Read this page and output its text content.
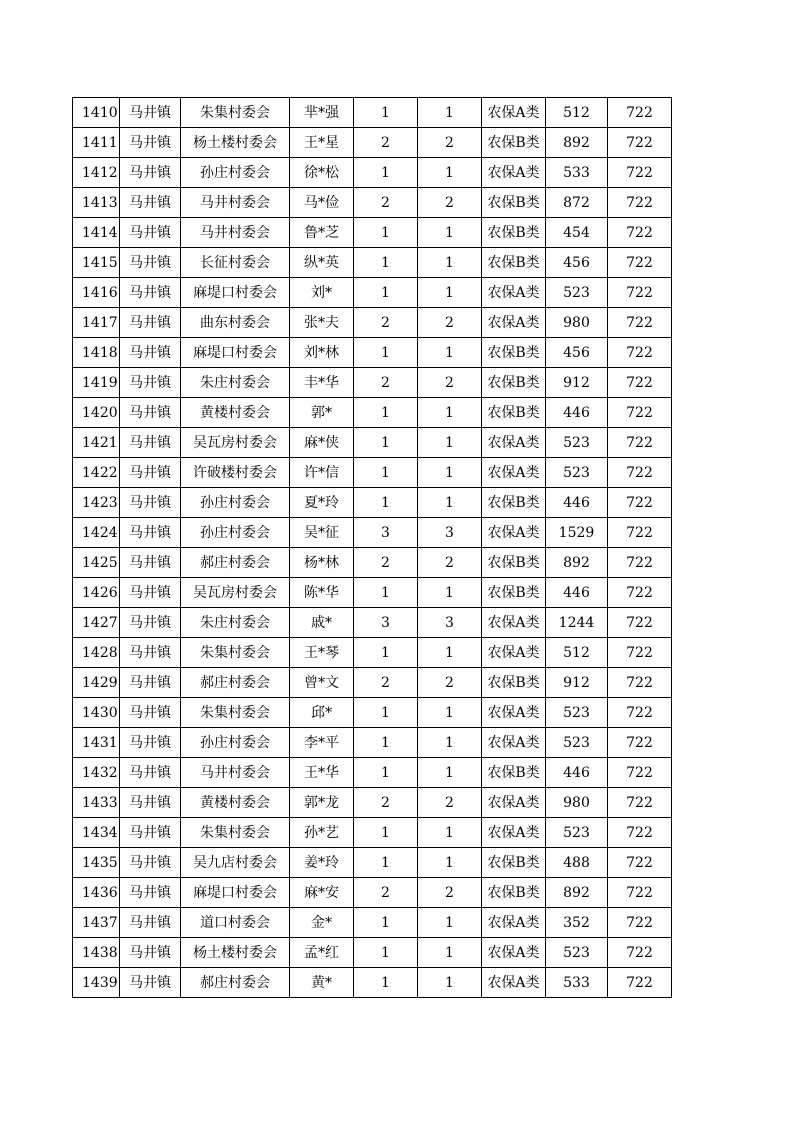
1410	马井镇	朱集村委会	芈*强	1	1	农保A类	512	722
1411	马井镇	杨土楼村委会	王*星	2	2	农保B类	892	722
1412	马井镇	孙庄村委会	徐*松	1	1	农保A类	533	722
1413	马井镇	马井村委会	马*俭	2	2	农保B类	872	722
1414	马井镇	马井村委会	鲁*芝	1	1	农保B类	454	722
1415	马井镇	长征村委会	纵*英	1	1	农保B类	456	722
1416	马井镇	麻堤口村委会	刘*	1	1	农保A类	523	722
1417	马井镇	曲东村委会	张*夫	2	2	农保A类	980	722
1418	马井镇	麻堤口村委会	刘*林	1	1	农保B类	456	722
1419	马井镇	朱庄村委会	丰*华	2	2	农保B类	912	722
1420	马井镇	黄楼村委会	郭*	1	1	农保B类	446	722
1421	马井镇	吴瓦房村委会	麻*侠	1	1	农保A类	523	722
1422	马井镇	许破楼村委会	许*信	1	1	农保A类	523	722
1423	马井镇	孙庄村委会	夏*玲	1	1	农保B类	446	722
1424	马井镇	孙庄村委会	吴*征	3	3	农保A类	1529	722
1425	马井镇	郝庄村委会	杨*林	2	2	农保B类	892	722
1426	马井镇	吴瓦房村委会	陈*华	1	1	农保B类	446	722
1427	马井镇	朱庄村委会	戚*	3	3	农保A类	1244	722
1428	马井镇	朱集村委会	王*琴	1	1	农保A类	512	722
1429	马井镇	郝庄村委会	曾*文	2	2	农保B类	912	722
1430	马井镇	朱集村委会	邱*	1	1	农保A类	523	722
1431	马井镇	孙庄村委会	李*平	1	1	农保A类	523	722
1432	马井镇	马井村委会	王*华	1	1	农保B类	446	722
1433	马井镇	黄楼村委会	郭*龙	2	2	农保A类	980	722
1434	马井镇	朱集村委会	孙*艺	1	1	农保A类	523	722
1435	马井镇	吴九店村委会	姜*玲	1	1	农保B类	488	722
1436	马井镇	麻堤口村委会	麻*安	2	2	农保B类	892	722
1437	马井镇	道口村委会	金*	1	1	农保A类	352	722
1438	马井镇	杨土楼村委会	孟*红	1	1	农保A类	523	722
1439	马井镇	郝庄村委会	黄*	1	1	农保A类	533	722
